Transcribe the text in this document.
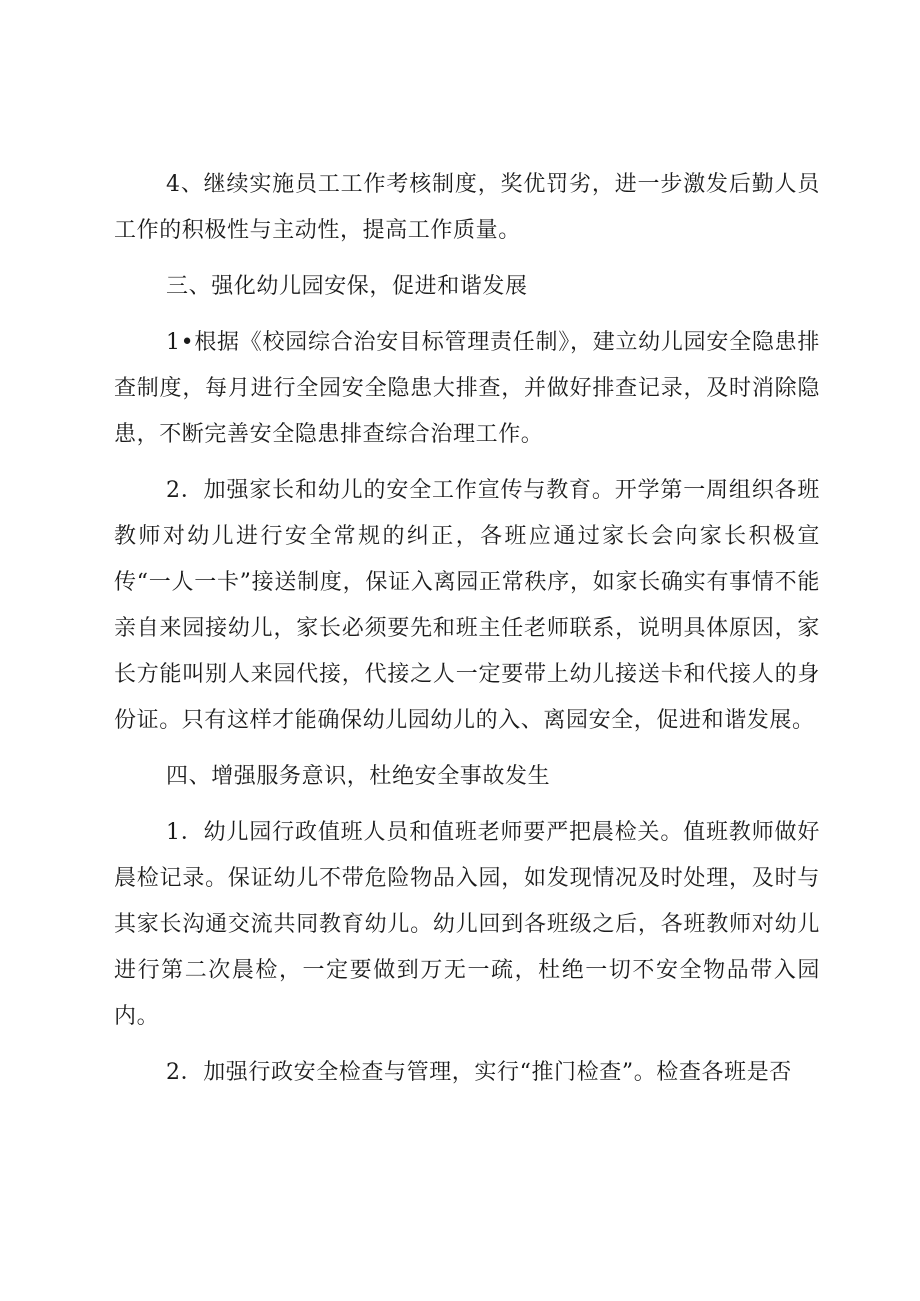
4、继续实施员工工作考核制度，奖优罚劣，进一步激发后勤人员工作的积极性与主动性，提高工作质量。

三、强化幼儿园安保，促进和谐发展

1•根据《校园综合治安目标管理责任制》，建立幼儿园安全隐患排查制度，每月进行全园安全隐患大排查，并做好排查记录，及时消除隐患，不断完善安全隐患排查综合治理工作。

2．加强家长和幼儿的安全工作宣传与教育。开学第一周组织各班教师对幼儿进行安全常规的纠正，各班应通过家长会向家长积极宣传“一人一卡”接送制度，保证入离园正常秩序，如家长确实有事情不能亲自来园接幼儿，家长必须要先和班主任老师联系，说明具体原因，家长方能叫别人来园代接，代接之人一定要带上幼儿接送卡和代接人的身份证。只有这样才能确保幼儿园幼儿的入、离园安全，促进和谐发展。

四、增强服务意识，杜绝安全事故发生

1．幼儿园行政值班人员和值班老师要严把晨检关。值班教师做好晨检记录。保证幼儿不带危险物品入园，如发现情况及时处理，及时与其家长沟通交流共同教育幼儿。幼儿回到各班级之后，各班教师对幼儿进行第二次晨检，一定要做到万无一疏，杜绝一切不安全物品带入园内。

2．加强行政安全检查与管理，实行“推门检查”。检查各班是否
